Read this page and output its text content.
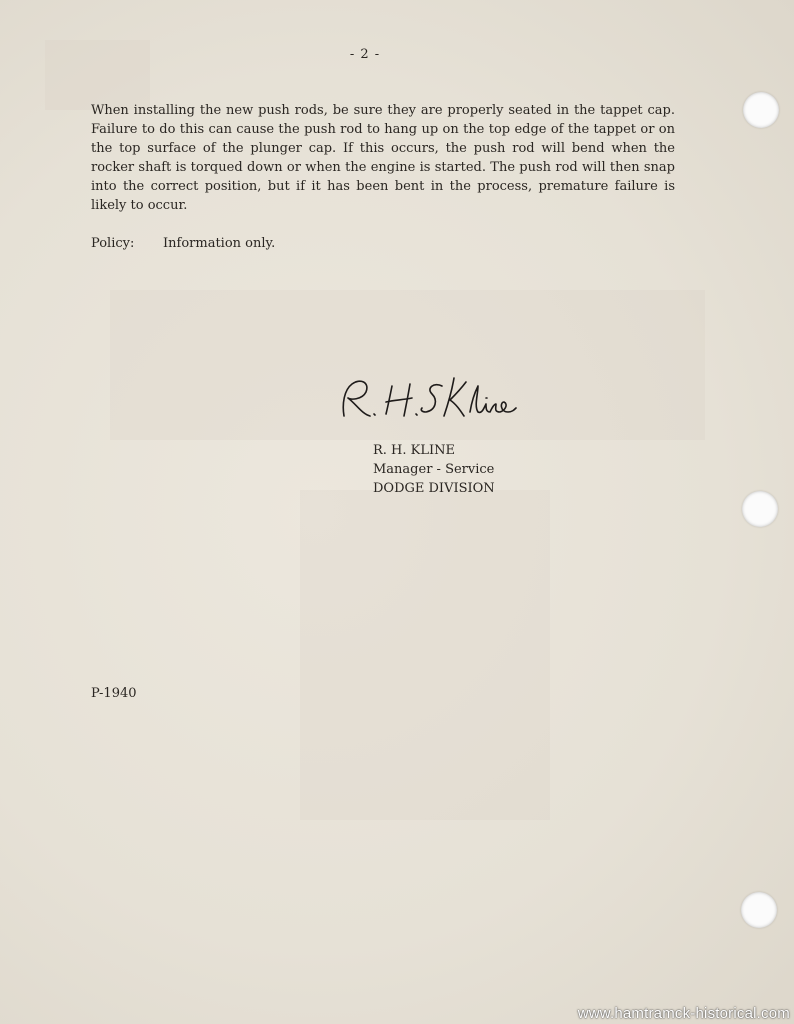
- 2 -

When installing the new push rods, be sure they are properly seated in the tappet cap. Failure to do this can cause the push rod to hang up on the top edge of the tappet or on the top surface of the plunger cap. If this occurs, the push rod will bend when the rocker shaft is torqued down or when the engine is started. The push rod will then snap into the correct position, but if it has been bent in the process, premature failure is likely to occur.

Policy: Information only.

R. H. KLINE
Manager - Service
DODGE DIVISION
P-1940
www.hamtramck-historical.com
